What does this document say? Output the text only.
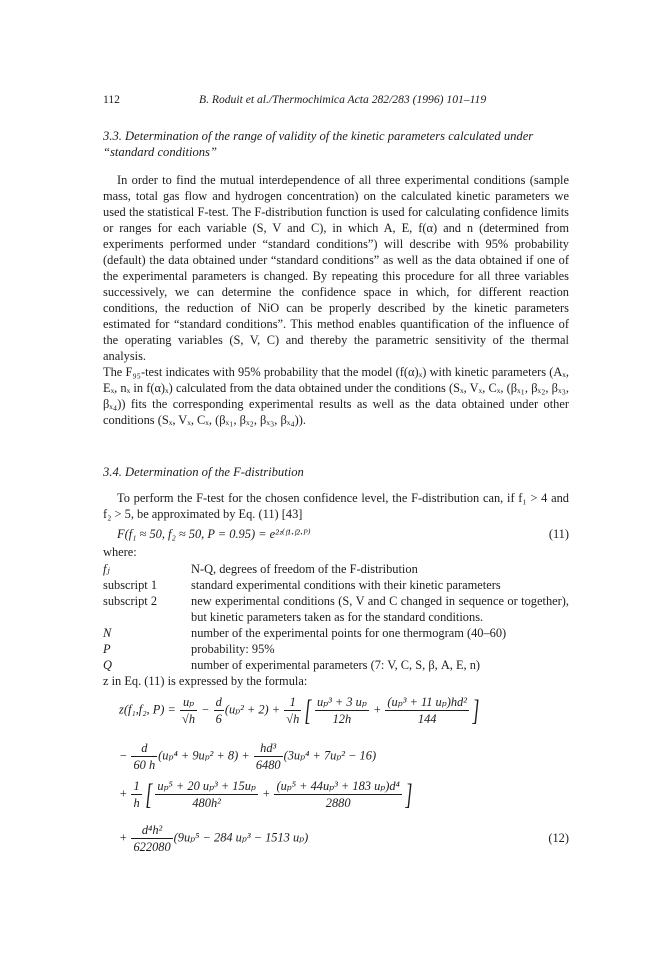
112	B. Roduit et al./Thermochimica Acta 282/283 (1996) 101–119
3.3. Determination of the range of validity of the kinetic parameters calculated under
“standard conditions”

In order to find the mutual interdependence of all three experimental conditions (sample mass, total gas flow and hydrogen concentration) on the calculated kinetic parameters we used the statistical F-test. The F-distribution function is used for calculating confidence limits or ranges for each variable (S, V and C), in which A, E, f(α) and n (determined from experiments performed under “standard conditions”) will describe with 95% probability (default) the data obtained under “standard conditions” as well as the data obtained if one of the experimental parameters is changed. By repeating this procedure for all three variables successively, we can determine the confidence space in which, for different reaction conditions, the reduction of NiO can be properly described by the kinetic parameters estimated for “standard conditions”. This method enables quantification of the influence of the operating variables (S, V, C) and thereby the parametric sensitivity of the thermal analysis.

The F₉₅-test indicates with 95% probability that the model (f(α)ₓ) with kinetic parameters (Aₓ, Eₓ, nₓ in f(α)ₓ) calculated from the data obtained under the conditions (Sₓ, Vₓ, Cₓ, (βₓ₁, βₓ₂, βₓ₃, βₓ₄)) fits the corresponding experimental results as well as the data obtained under other conditions (Sₓ, Vₓ, Cₓ, (βₓ₁, βₓ₂, βₓ₃, βₓ₄)).

3.4. Determination of the F-distribution

To perform the F-test for the chosen confidence level, the F-distribution can, if f₁ > 4 and f₂ > 5, be approximated by Eq. (11) [43]

F(f₁ ≈ 50, f₂ ≈ 50, P = 0.95) = e²ᶻ⁽ᶠ¹·ᶠ²·ᴾ⁾	(11)
where:
fⱼ	N-Q, degrees of freedom of the F-distribution
subscript 1	standard experimental conditions with their kinetic parameters
subscript 2	new experimental conditions (S, V and C changed in sequence or together), but kinetic parameters taken as for the standard conditions.
N	number of the experimental points for one thermogram (40–60)
P	probability: 95%
Q	number of experimental parameters (7: V, C, S, β, A, E, n)
z in Eq. (11) is expressed by the formula:
z(f₁,f₂, $P) = \frac{\text{uₚ}}{√h} - \frac{d}{6} (u_p^2 + 2) + \frac{1}{√h}$ [ $\frac{\text{uₚ³ + 3 uₚ}}{12h} + \frac{\text{(uₚ³ + 11 uₚ)hd²}}{144}$ ]
− $\frac{d}{60 h} (u_p^4 + 9u_p^2 + 8) + \frac{\text{hd³}}{6480} (3u_p^4 + 7u_p^2 - 16)$
+ $\frac{1}{h}$ [ $\frac{\text{uₚ⁵ + 20 uₚ³ + 15uₚ}}{\text{480h²}} + \frac{\text{(uₚ⁵ + 44uₚ³ + 183 uₚ)d⁴}}{2880}$ ]
+ $\frac{\text{d⁴h²}}{622080} (9u_p^5 - 284$ uₚ³ − 1513 uₚ)	(12)
